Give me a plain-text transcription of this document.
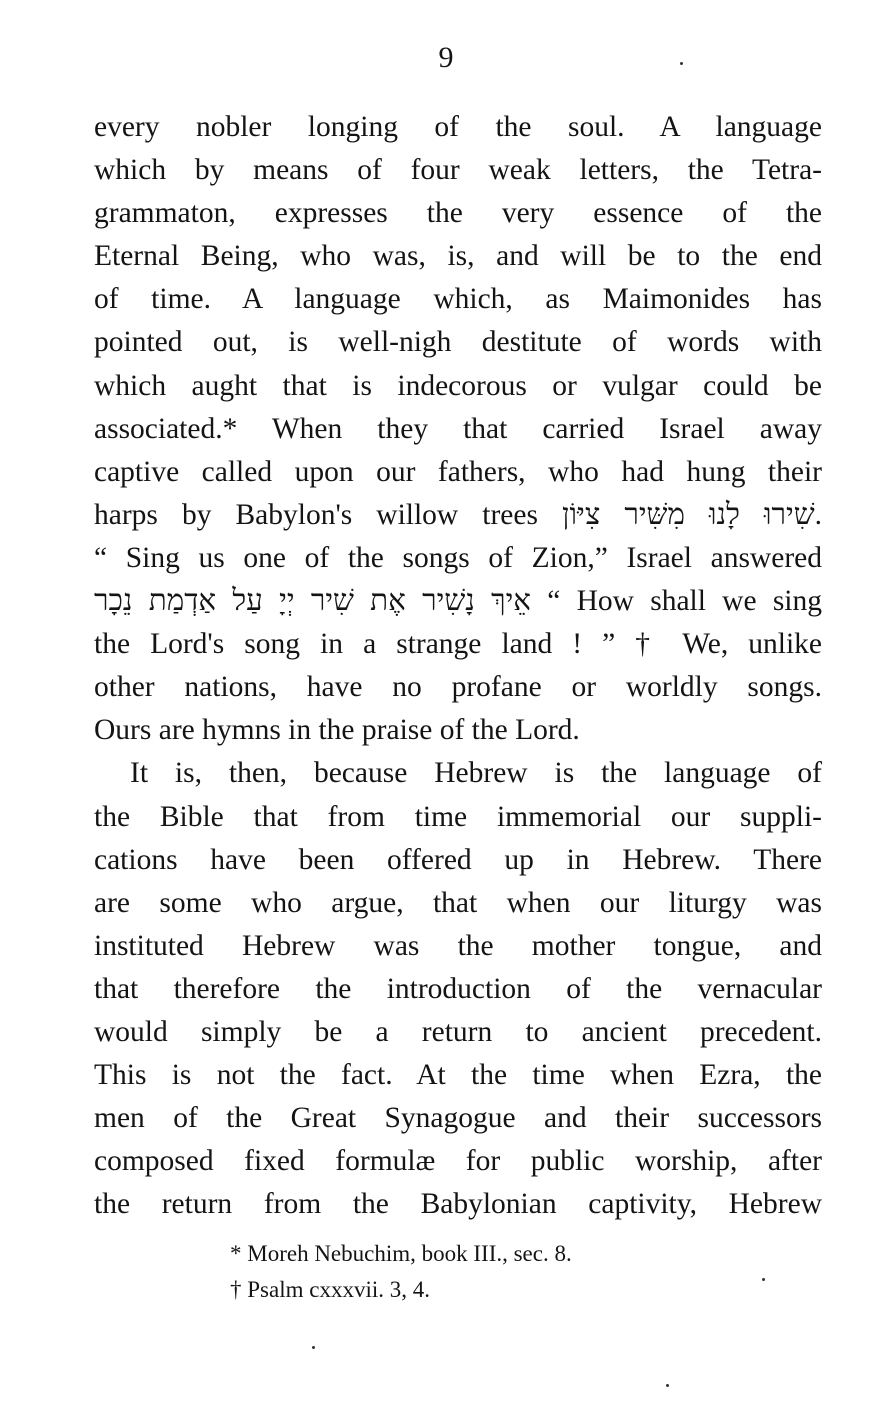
9
every nobler longing of the soul. A language
which by means of four weak letters, the Tetra-
grammaton, expresses the very essence of the
Eternal Being, who was, is, and will be to the end
of time. A language which, as Maimonides has
pointed out, is well-nigh destitute of words with
which aught that is indecorous or vulgar could be
associated.* When they that carried Israel away
captive called upon our fathers, who had hung their
harps by Babylon's willow trees שִׁירוּ לָנוּ מִשִּׁיר צִיּוֹן.
“ Sing us one of the songs of Zion,” Israel answered
אֵיךְ נָשִׁיר אֶת שִׁיר יְיָ עַל אַדְמַת נֵכָר “ How shall we sing
the Lord's song in a strange land ! ” † We, unlike
other nations, have no profane or worldly songs.
Ours are hymns in the praise of the Lord.
It is, then, because Hebrew is the language of
the Bible that from time immemorial our suppli-
cations have been offered up in Hebrew. There
are some who argue, that when our liturgy was
instituted Hebrew was the mother tongue, and
that therefore the introduction of the vernacular
would simply be a return to ancient precedent.
This is not the fact. At the time when Ezra, the
men of the Great Synagogue and their successors
composed fixed formulæ for public worship, after
the return from the Babylonian captivity, Hebrew
* Moreh Nebuchim, book III., sec. 8.
† Psalm cxxxvii. 3, 4.
